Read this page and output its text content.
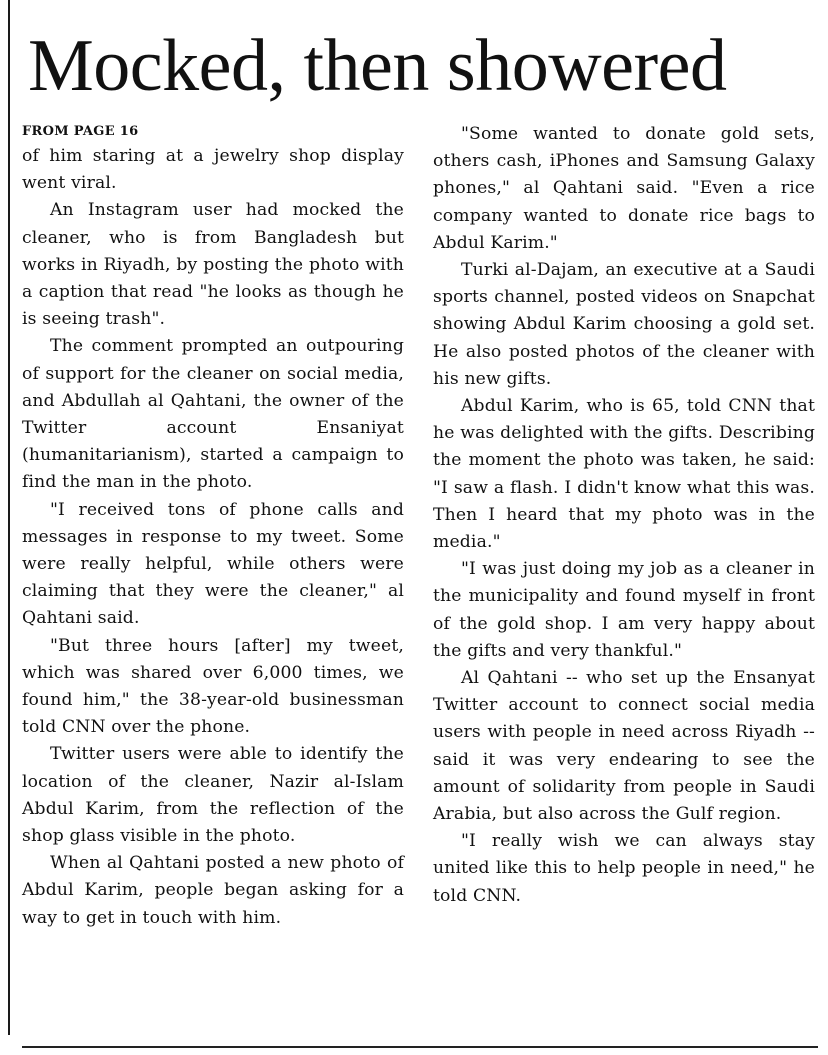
Mocked, then showered
FROM PAGE 16

of him staring at a jewelry shop display went viral.

An Instagram user had mocked the cleaner, who is from Bangladesh but works in Riyadh, by posting the photo with a caption that read "he looks as though he is seeing trash".

The comment prompted an outpouring of support for the cleaner on social media, and Abdullah al Qahtani, the owner of the Twitter account Ensaniyat (humanitarianism), started a campaign to find the man in the photo.

"I received tons of phone calls and messages in response to my tweet. Some were really helpful, while others were claiming that they were the cleaner," al Qahtani said.

"But three hours [after] my tweet, which was shared over 6,000 times, we found him," the 38-year-old businessman told CNN over the phone.

Twitter users were able to identify the location of the cleaner, Nazir al-Islam Abdul Karim, from the reflection of the shop glass visible in the photo.

When al Qahtani posted a new photo of Abdul Karim, people began asking for a way to get in touch with him.

"Some wanted to donate gold sets, others cash, iPhones and Samsung Galaxy phones," al Qahtani said. "Even a rice company wanted to donate rice bags to Abdul Karim."

Turki al-Dajam, an executive at a Saudi sports channel, posted videos on Snapchat showing Abdul Karim choosing a gold set. He also posted photos of the cleaner with his new gifts.

Abdul Karim, who is 65, told CNN that he was delighted with the gifts. Describing the moment the photo was taken, he said: "I saw a flash. I didn't know what this was. Then I heard that my photo was in the media."

"I was just doing my job as a cleaner in the municipality and found myself in front of the gold shop. I am very happy about the gifts and very thankful."

Al Qahtani -- who set up the Ensanyat Twitter account to connect social media users with people in need across Riyadh -- said it was very endearing to see the amount of solidarity from people in Saudi Arabia, but also across the Gulf region.

"I really wish we can always stay united like this to help people in need," he told CNN.
